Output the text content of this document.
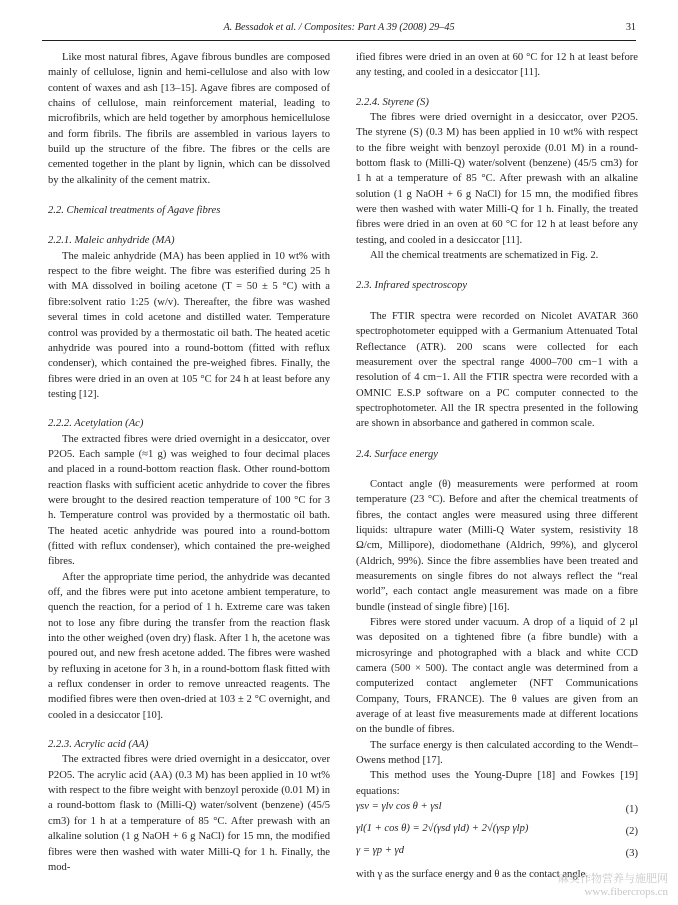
A. Bessadok et al. / Composites: Part A 39 (2008) 29–45	31

Like most natural fibres, Agave fibrous bundles are composed mainly of cellulose, lignin and hemi-cellulose and also with low content of waxes and ash [13–15]. Agave fibres are composed of chains of cellulose, main reinforcement material, leading to microfibrils, which are held together by amorphous hemicellulose and form fibrils. The fibrils are assembled in various layers to build up the structure of the fibre. The fibres or the cells are cemented together in the plant by lignin, which can be dissolved by the alkalinity of the cement matrix.

2.2. Chemical treatments of Agave fibres
2.2.1. Maleic anhydride (MA)

The maleic anhydride (MA) has been applied in 10 wt% with respect to the fibre weight. The fibre was esterified during 25 h with MA dissolved in boiling acetone (T = 50 ± 5 °C) with a fibre:solvent ratio 1:25 (w/v). Thereafter, the fibre was washed several times in cold acetone and distilled water. Temperature control was provided by a thermostatic oil bath. The heated acetic anhydride was poured into a round-bottom (fitted with reflux condenser), which contained the pre-weighed fibres. Finally, the fibres were dried in an oven at 105 °C for 24 h at least before any testing [12].

2.2.2. Acetylation (Ac)

The extracted fibres were dried overnight in a desiccator, over P2O5. Each sample (≈1 g) was weighed to four decimal places and placed in a round-bottom reaction flask. Other round-bottom reaction flasks with sufficient acetic anhydride to cover the fibres were brought to the desired reaction temperature of 100 °C for 3 h. Temperature control was provided by a thermostatic oil bath. The heated acetic anhydride was poured into a round-bottom (fitted with reflux condenser), which contained the pre-weighed fibres.

After the appropriate time period, the anhydride was decanted off, and the fibres were put into acetone ambient temperature, to quench the reaction, for a period of 1 h. Extreme care was taken not to lose any fibre during the transfer from the reaction flask into the other weighed (oven dry) flask. After 1 h, the acetone was poured out, and new fresh acetone added. The fibres were washed by refluxing in acetone for 3 h, in a round-bottom flask fitted with a reflux condenser in order to remove unreacted reagents. The modified fibres were then oven-dried at 103 ± 2 °C overnight, and cooled in a desiccator [10].

2.2.3. Acrylic acid (AA)

The extracted fibres were dried overnight in a desiccator, over P2O5. The acrylic acid (AA) (0.3 M) has been applied in 10 wt% with respect to the fibre weight with benzoyl peroxide (0.01 M) in a round-bottom flask to (Milli-Q) water/solvent (benzene) (45/5 cm3) for 1 h at a temperature of 85 °C. After prewash with an alkaline solution (1 g NaOH + 6 g NaCl) for 15 mn, the modified fibres were then washed with water Milli-Q for 1 h. Finally, the mod-

ified fibres were dried in an oven at 60 °C for 12 h at least before any testing, and cooled in a desiccator [11].

2.2.4. Styrene (S)

The fibres were dried overnight in a desiccator, over P2O5. The styrene (S) (0.3 M) has been applied in 10 wt% with respect to the fibre weight with benzoyl peroxide (0.01 M) in a round-bottom flask to (Milli-Q) water/solvent (benzene) (45/5 cm3) for 1 h at a temperature of 85 °C. After prewash with an alkaline solution (1 g NaOH + 6 g NaCl) for 15 mn, the modified fibres were then washed with water Milli-Q for 1 h. Finally, the treated fibres were dried in an oven at 60 °C for 12 h at least before any testing, and cooled in a desiccator [11].

All the chemical treatments are schematized in Fig. 2.

2.3. Infrared spectroscopy

The FTIR spectra were recorded on Nicolet AVATAR 360 spectrophotometer equipped with a Germanium Attenuated Total Reflectance (ATR). 200 scans were collected for each measurement over the spectral range 4000–700 cm−1 with a resolution of 4 cm−1. All the FTIR spectra were recorded with a OMNIC E.S.P software on a PC computer connected to the spectrophotometer. All the IR spectra presented in the following are shown in absorbance and gathered in common scale.

2.4. Surface energy

Contact angle (θ) measurements were performed at room temperature (23 °C). Before and after the chemical treatments of fibres, the contact angles were measured using three different liquids: ultrapure water (Milli-Q Water system, resistivity 18 Ω/cm, Millipore), diodomethane (Aldrich, 99%), and glycerol (Aldrich, 99%). Since the fibre assemblies have been treated and measurements on single fibres do not always reflect the “real world”, each contact angle measurement was made on a fibre bundle (instead of single fibre) [16].

Fibres were stored under vacuum. A drop of a liquid of 2 μl was deposited on a tightened fibre (a fibre bundle) with a microsyringe and photographed with a black and white CCD camera (500 × 500). The contact angle was determined from a computerized contact anglemeter (NFT Communications Company, Tours, FRANCE). The θ values are given from an average of at least five measurements made at different locations on the bundle of fibres.

The surface energy is then calculated according to the Wendt–Owens method [17].

This method uses the Young-Dupre [18] and Fowkes [19] equations:

γsv = γlv cos θ + γsl	(1)
γl(1 + cos θ) = 2√(γsd γld) + 2√(γsp γlp)	(2)
γ = γp + γd	(3)

with γ as the surface energy and θ as the contact angle.

麻类作物营养与施肥网
www.fibercrops.cn
